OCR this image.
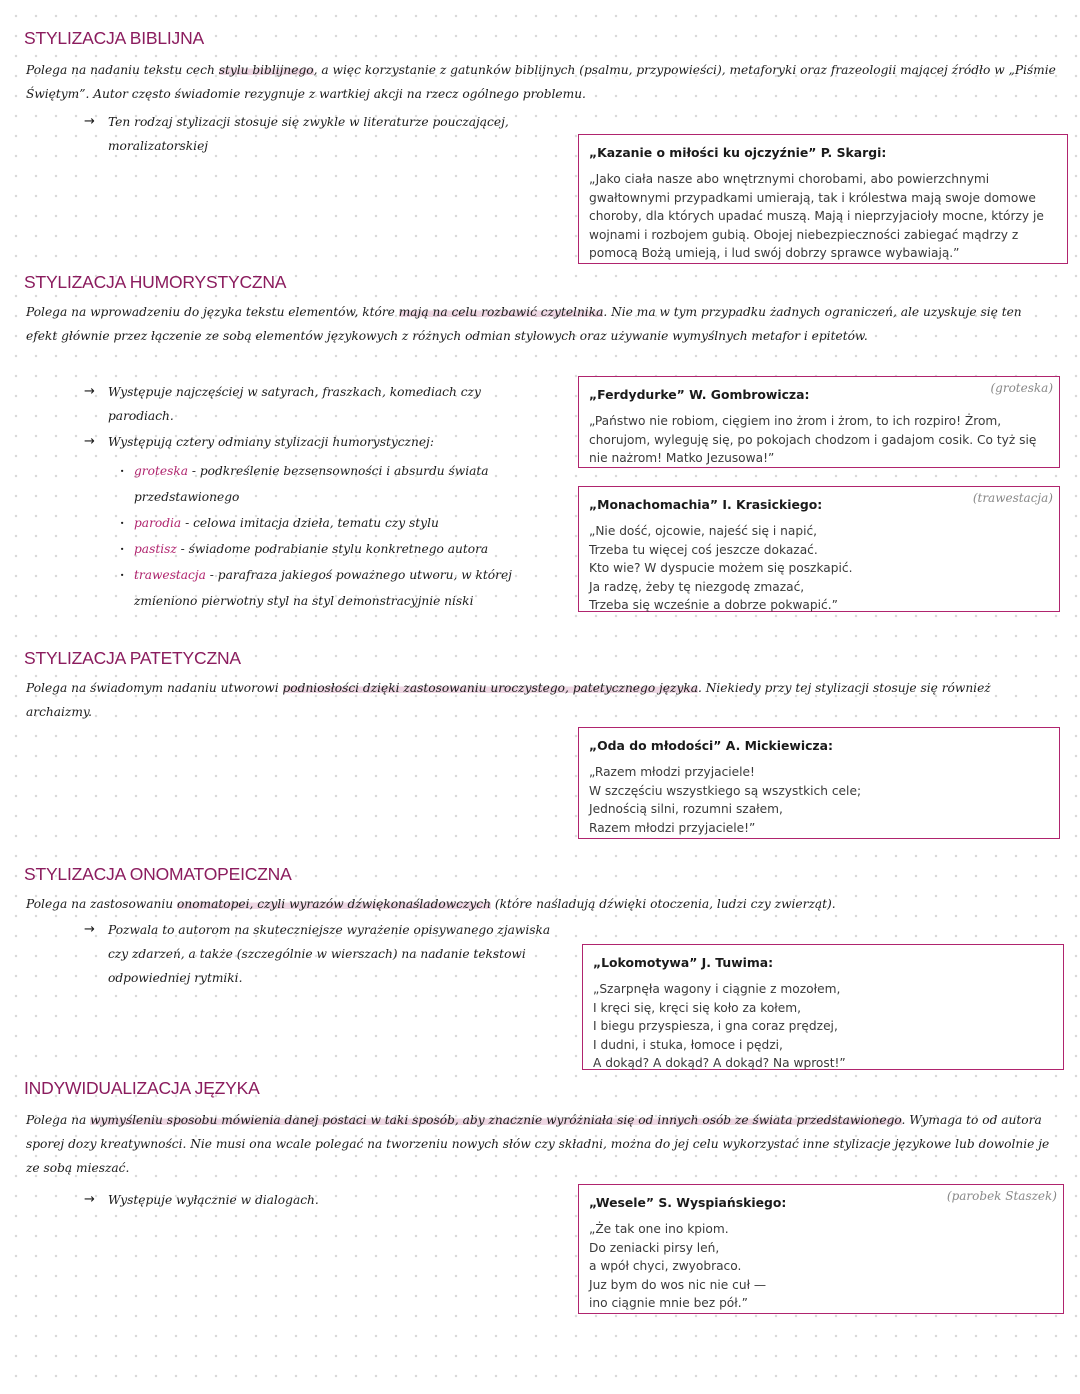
STYLIZACJA BIBLIJNA

Polega na nadaniu tekstu cech stylu biblijnego, a więc korzystanie z gatunków biblijnych (psalmu, przypowieści), metaforyki oraz frazeologii mającej źródło w „Piśmie Świętym”. Autor często świadomie rezygnuje z wartkiej akcji na rzecz ogólnego problemu.

→ Ten rodzaj stylizacji stosuje się zwykle w literaturze pouczającej, moralizatorskiej	„Kazanie o miłości ku ojczyźnie” P. Skargi:

„Jako ciała nasze abo wnętrznymi chorobami, abo powierzchnymi gwałtownymi przypadkami umierają, tak i królestwa mają swoje domowe choroby, dla których upadać muszą. Mają i nieprzyjacioły mocne, którzy je wojnami i rozbojem gubią. Obojej niebezpieczności zabiegać mądrzy z pomocą Bożą umieją, i lud swój dobrzy sprawce wybawiają.”

STYLIZACJA HUMORYSTYCZNA

Polega na wprowadzeniu do języka tekstu elementów, które mają na celu rozbawić czytelnika. Nie ma w tym przypadku żadnych ograniczeń, ale uzyskuje się ten efekt głównie przez łączenie ze sobą elementów językowych z różnych odmian stylowych oraz używanie wymyślnych metafor i epitetów.

→ Występuje najczęściej w satyrach, fraszkach, komediach czy parodiach.

→ Występują cztery odmiany stylizacji humorystycznej:

· groteska - podkreślenie bezsensowności i absurdu świata przedstawionego
· parodia - celowa imitacja dzieła, tematu czy stylu
· pastisz - świadome podrabianie stylu konkretnego autora
· trawestacja - parafraza jakiegoś poważnego utworu, w której zmieniono pierwotny styl na styl demonstracyjnie niski
(groteska)

„Ferdydurke” W. Gombrowicza:

„Państwo nie robiom, cięgiem ino żrom i żrom, to ich rozpiro! Żrom, chorujom, wyleguję się, po pokojach chodzom i gadajom cosik. Co tyż się nie nażrom! Matko Jezusowa!”

(trawestacja)

„Monachomachia” I. Krasickiego:

„Nie dość, ojcowie, najeść się i napić,
Trzeba tu więcej coś jeszcze dokazać.
Kto wie? W dyspucie możem się poszkapić.
Ja radzę, żeby tę niezgodę zmazać,
Trzeba się wcześnie a dobrze pokwapić.”

STYLIZACJA PATETYCZNA

Polega na świadomym nadaniu utworowi podniosłości dzięki zastosowaniu uroczystego, patetycznego języka. Niekiedy przy tej stylizacji stosuje się również archaizmy.

„Oda do młodości” A. Mickiewicza:

„Razem młodzi przyjaciele!
W szczęściu wszystkiego są wszystkich cele;
Jednością silni, rozumni szałem,
Razem młodzi przyjaciele!”

STYLIZACJA ONOMATOPEICZNA

Polega na zastosowaniu onomatopei, czyli wyrazów dźwiękonaśladowczych (które naśladują dźwięki otoczenia, ludzi czy zwierząt).

→ Pozwala to autorom na skuteczniejsze wyrażenie opisywanego zjawiska czy zdarzeń, a także (szczególnie w wierszach) na nadanie tekstowi odpowiedniej rytmiki.

„Lokomotywa” J. Tuwima:

„Szarpnęła wagony i ciągnie z mozołem,
I kręci się, kręci się koło za kołem,
I biegu przyspiesza, i gna coraz prędzej,
I dudni, i stuka, łomoce i pędzi,
A dokąd? A dokąd? A dokąd? Na wprost!”

INDYWIDUALIZACJA JĘZYKA

Polega na wymyśleniu sposobu mówienia danej postaci w taki sposób, aby znacznie wyróżniała się od innych osób ze świata przedstawionego. Wymaga to od autora sporej dozy kreatywności. Nie musi ona wcale polegać na tworzeniu nowych słów czy składni, można do jej celu wykorzystać inne stylizacje językowe lub dowolnie je ze sobą mieszać.

→ Występuje wyłącznie w dialogach.	(parobek Staszek)

„Wesele” S. Wyspiańskiego:

„Że tak one ino kpiom.
Do zeniacki pirsy leń,
a wpół chyci, zwyobraco.
Juz bym do wos nic nie cuł —
ino ciągnie mnie bez pół.”
